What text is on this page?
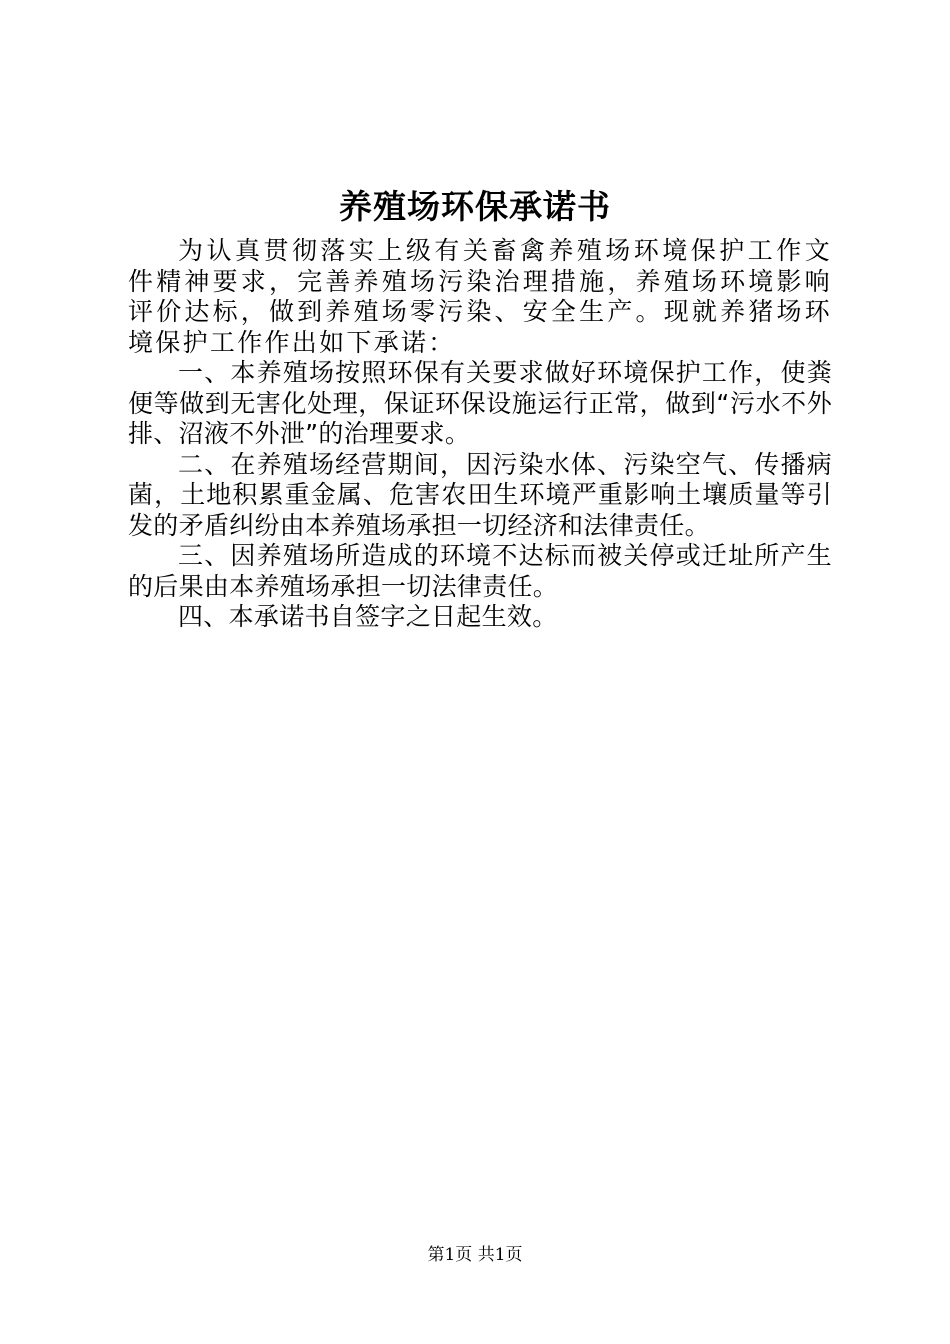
养殖场环保承诺书

为认真贯彻落实上级有关畜禽养殖场环境保护工作文件精神要求，完善养殖场污染治理措施，养殖场环境影响评价达标，做到养殖场零污染、安全生产。现就养猪场环境保护工作作出如下承诺：

一、本养殖场按照环保有关要求做好环境保护工作，使粪便等做到无害化处理，保证环保设施运行正常，做到“污水不外排、沼液不外泄”的治理要求。

二、在养殖场经营期间，因污染水体、污染空气、传播病菌，土地积累重金属、危害农田生环境严重影响土壤质量等引发的矛盾纠纷由本养殖场承担一切经济和法律责任。

三、因养殖场所造成的环境不达标而被关停或迁址所产生的后果由本养殖场承担一切法律责任。

四、本承诺书自签字之日起生效。

第1页 共1页
